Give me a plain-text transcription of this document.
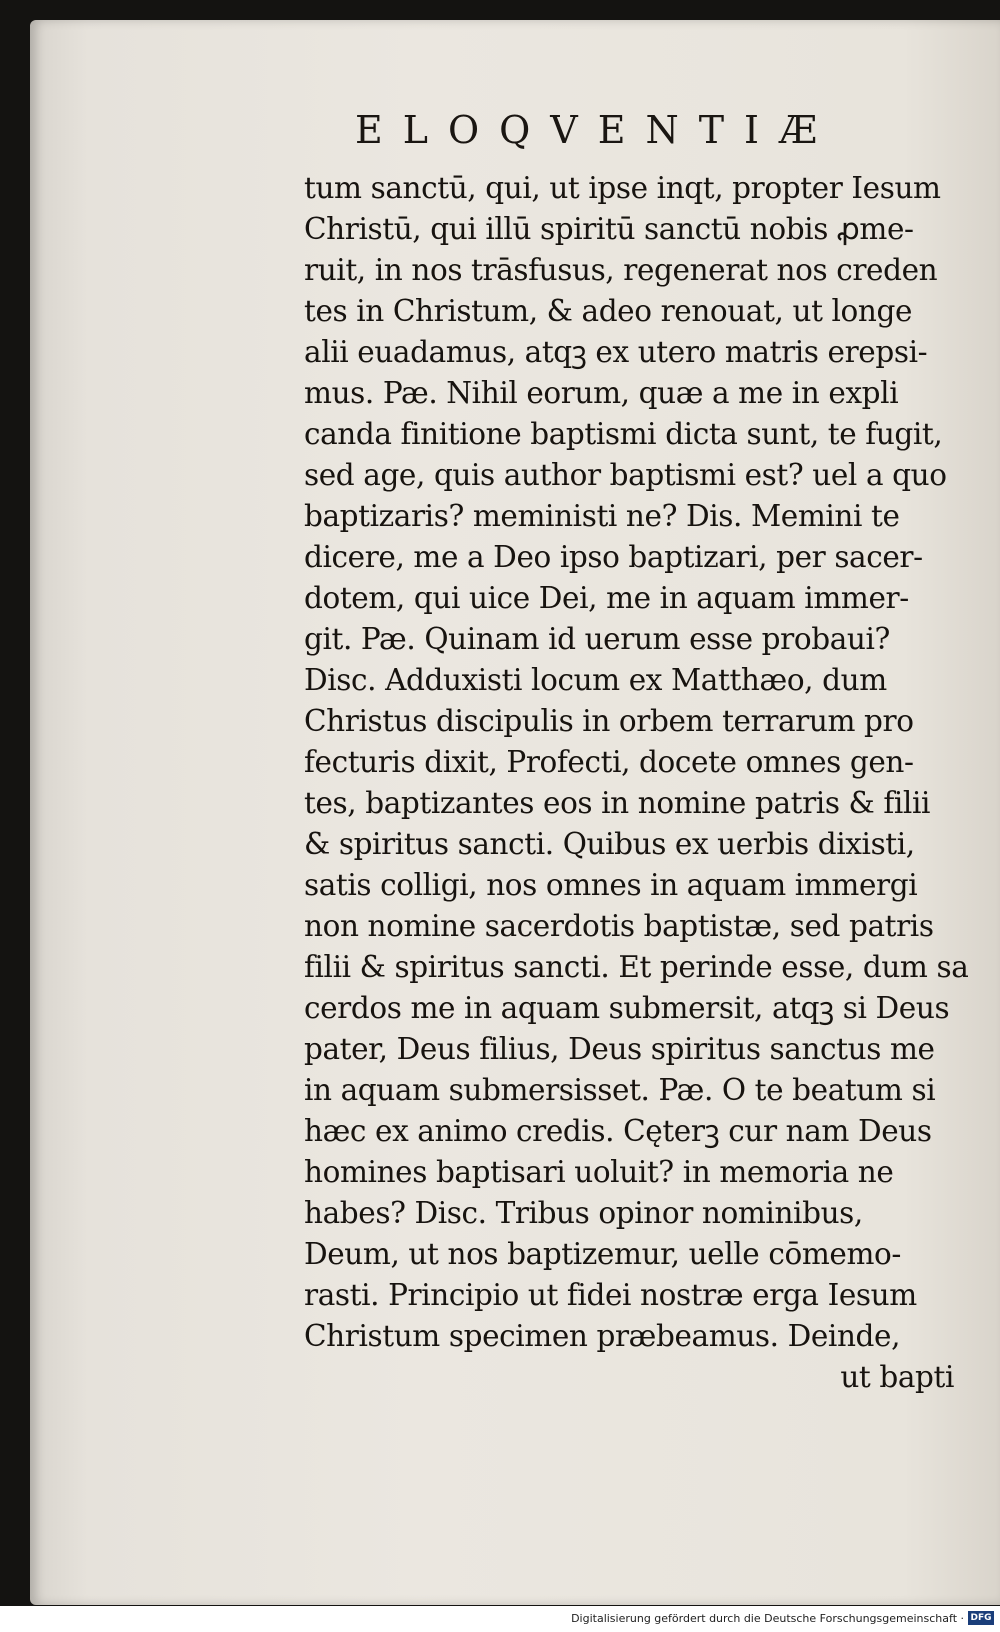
ELOQVENTIÆ
tum sanctū, qui, ut ipse inqt, propter Iesum
Christū, qui illū spiritū sanctū nobis ꝓme-
ruit, in nos trāsfusus, regenerat nos creden
tes in Christum, & adeo renouat, ut longe
alii euadamus, atqꝫ ex utero matris erepsi-
mus. Pæ. Nihil eorum, quæ a me in expli
canda finitione baptismi dicta sunt, te fugit,
sed age, quis author baptismi est? uel a quo
baptizaris? meministi ne? Dis. Memini te
dicere, me a Deo ipso baptizari, per sacer-
dotem, qui uice Dei, me in aquam immer-
git. Pæ. Quinam id uerum esse probaui?
Disc. Adduxisti locum ex Matthæo, dum
Christus discipulis in orbem terrarum pro
fecturis dixit, Profecti, docete omnes gen-
tes, baptizantes eos in nomine patris & filii
& spiritus sancti. Quibus ex uerbis dixisti,
satis colligi, nos omnes in aquam immergi
non nomine sacerdotis baptistæ, sed patris
filii & spiritus sancti. Et perinde esse, dum sa
cerdos me in aquam submersit, atqꝫ si Deus
pater, Deus filius, Deus spiritus sanctus me
in aquam submersisset. Pæ. O te beatum si
hæc ex animo credis. Cęterꝫ cur nam Deus
homines baptisari uoluit? in memoria ne
habes? Disc. Tribus opinor nominibus,
Deum, ut nos baptizemur, uelle cōmemo-
rasti. Principio ut fidei nostræ erga Iesum
Christum specimen præbeamus. Deinde,
ut bapti
Digitalisierung gefördert durch die Deutsche Forschungsgemeinschaft · DFG
